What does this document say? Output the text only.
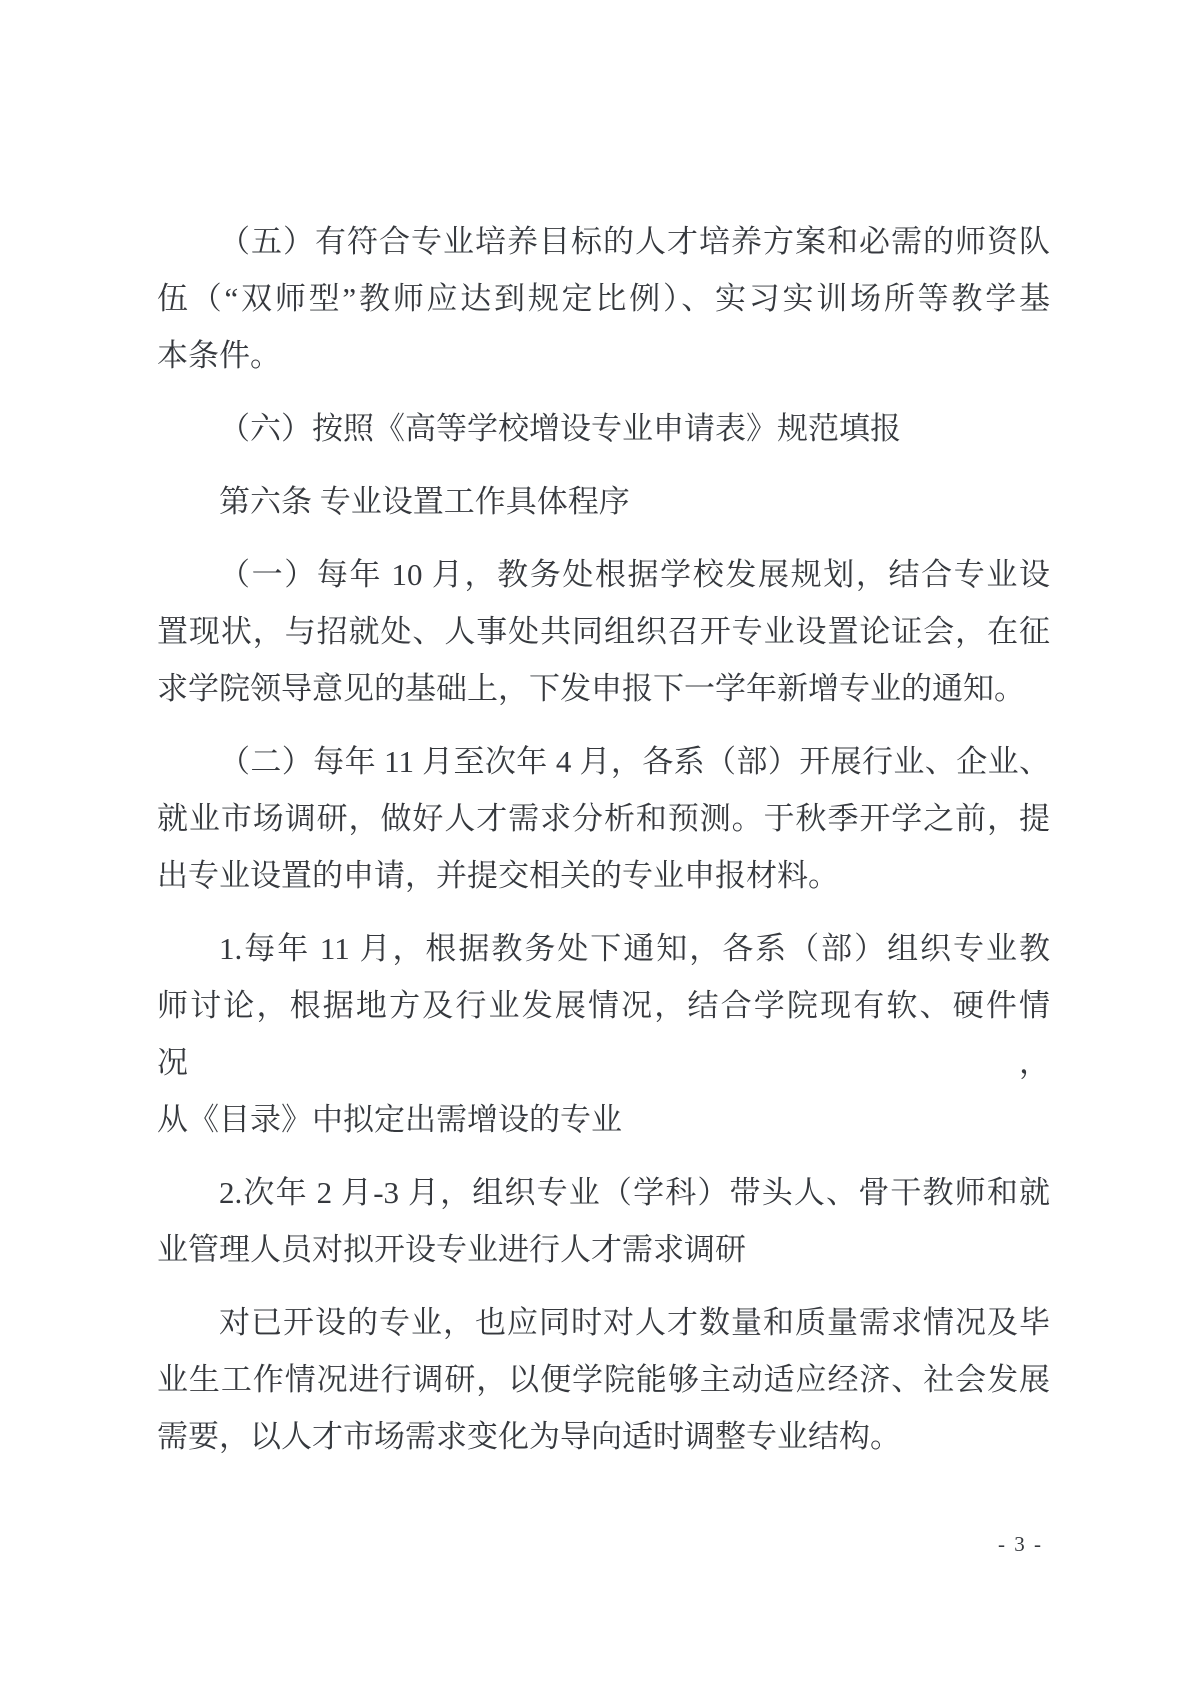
（五）有符合专业培养目标的人才培养方案和必需的师资队
伍（“双师型”教师应达到规定比例）、实习实训场所等教学基
本条件。
（六）按照《高等学校增设专业申请表》规范填报
第六条 专业设置工作具体程序
（一）每年 10 月，教务处根据学校发展规划，结合专业设
置现状，与招就处、人事处共同组织召开专业设置论证会，在征
求学院领导意见的基础上，下发申报下一学年新增专业的通知。
（二）每年 11 月至次年 4 月，各系（部）开展行业、企业、
就业市场调研，做好人才需求分析和预测。于秋季开学之前，提
出专业设置的申请，并提交相关的专业申报材料。
1.每年 11 月，根据教务处下通知，各系（部）组织专业教
师讨论，根据地方及行业发展情况，结合学院现有软、硬件情况，
从《目录》中拟定出需增设的专业
2.次年 2 月-3 月，组织专业（学科）带头人、骨干教师和就
业管理人员对拟开设专业进行人才需求调研
对已开设的专业，也应同时对人才数量和质量需求情况及毕
业生工作情况进行调研，以便学院能够主动适应经济、社会发展
需要，以人才市场需求变化为导向适时调整专业结构。
- 3 -
